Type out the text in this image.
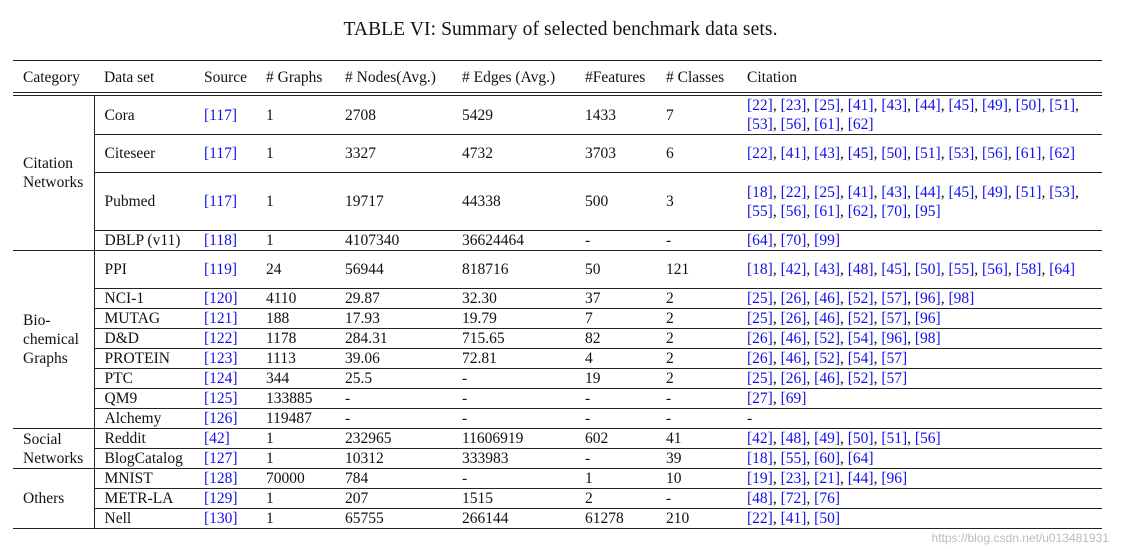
TABLE VI: Summary of selected benchmark data sets.
Category	Data set	Source	# Graphs	# Nodes(Avg.)	# Edges (Avg.)	#Features	# Classes	Citation

Citation
Networks	Cora	[117]	1	2708	5429	1433	7	[22], [23], [25], [41], [43], [44], [45], [49], [50], [51], [53], [56], [61], [62]
	Citeseer	[117]	1	3327	4732	3703	6	[22], [41], [43], [45], [50], [51], [53], [56], [61], [62]
	Pubmed	[117]	1	19717	44338	500	3	[18], [22], [25], [41], [43], [44], [45], [49], [51], [53], [55], [56], [61], [62], [70], [95]
	DBLP (v11)	[118]	1	4107340	36624464	-	-	[64], [70], [99]
Bio-
chemical
Graphs	PPI	[119]	24	56944	818716	50	121	[18], [42], [43], [48], [45], [50], [55], [56], [58], [64]
	NCI-1	[120]	4110	29.87	32.30	37	2	[25], [26], [46], [52], [57], [96], [98]
	MUTAG	[121]	188	17.93	19.79	7	2	[25], [26], [46], [52], [57], [96]
	D&D	[122]	1178	284.31	715.65	82	2	[26], [46], [52], [54], [96], [98]
	PROTEIN	[123]	1113	39.06	72.81	4	2	[26], [46], [52], [54], [57]
	PTC	[124]	344	25.5	-	19	2	[25], [26], [46], [52], [57]
	QM9	[125]	133885	-	-	-	-	[27], [69]
	Alchemy	[126]	119487	-	-	-	-	-
Social
Networks	Reddit	[42]	1	232965	11606919	602	41	[42], [48], [49], [50], [51], [56]
	BlogCatalog	[127]	1	10312	333983	-	39	[18], [55], [60], [64]
Others	MNIST	[128]	70000	784	-	1	10	[19], [23], [21], [44], [96]
	METR-LA	[129]	1	207	1515	2	-	[48], [72], [76]
	Nell	[130]	1	65755	266144	61278	210	[22], [41], [50]
https://blog.csdn.net/u013481931
